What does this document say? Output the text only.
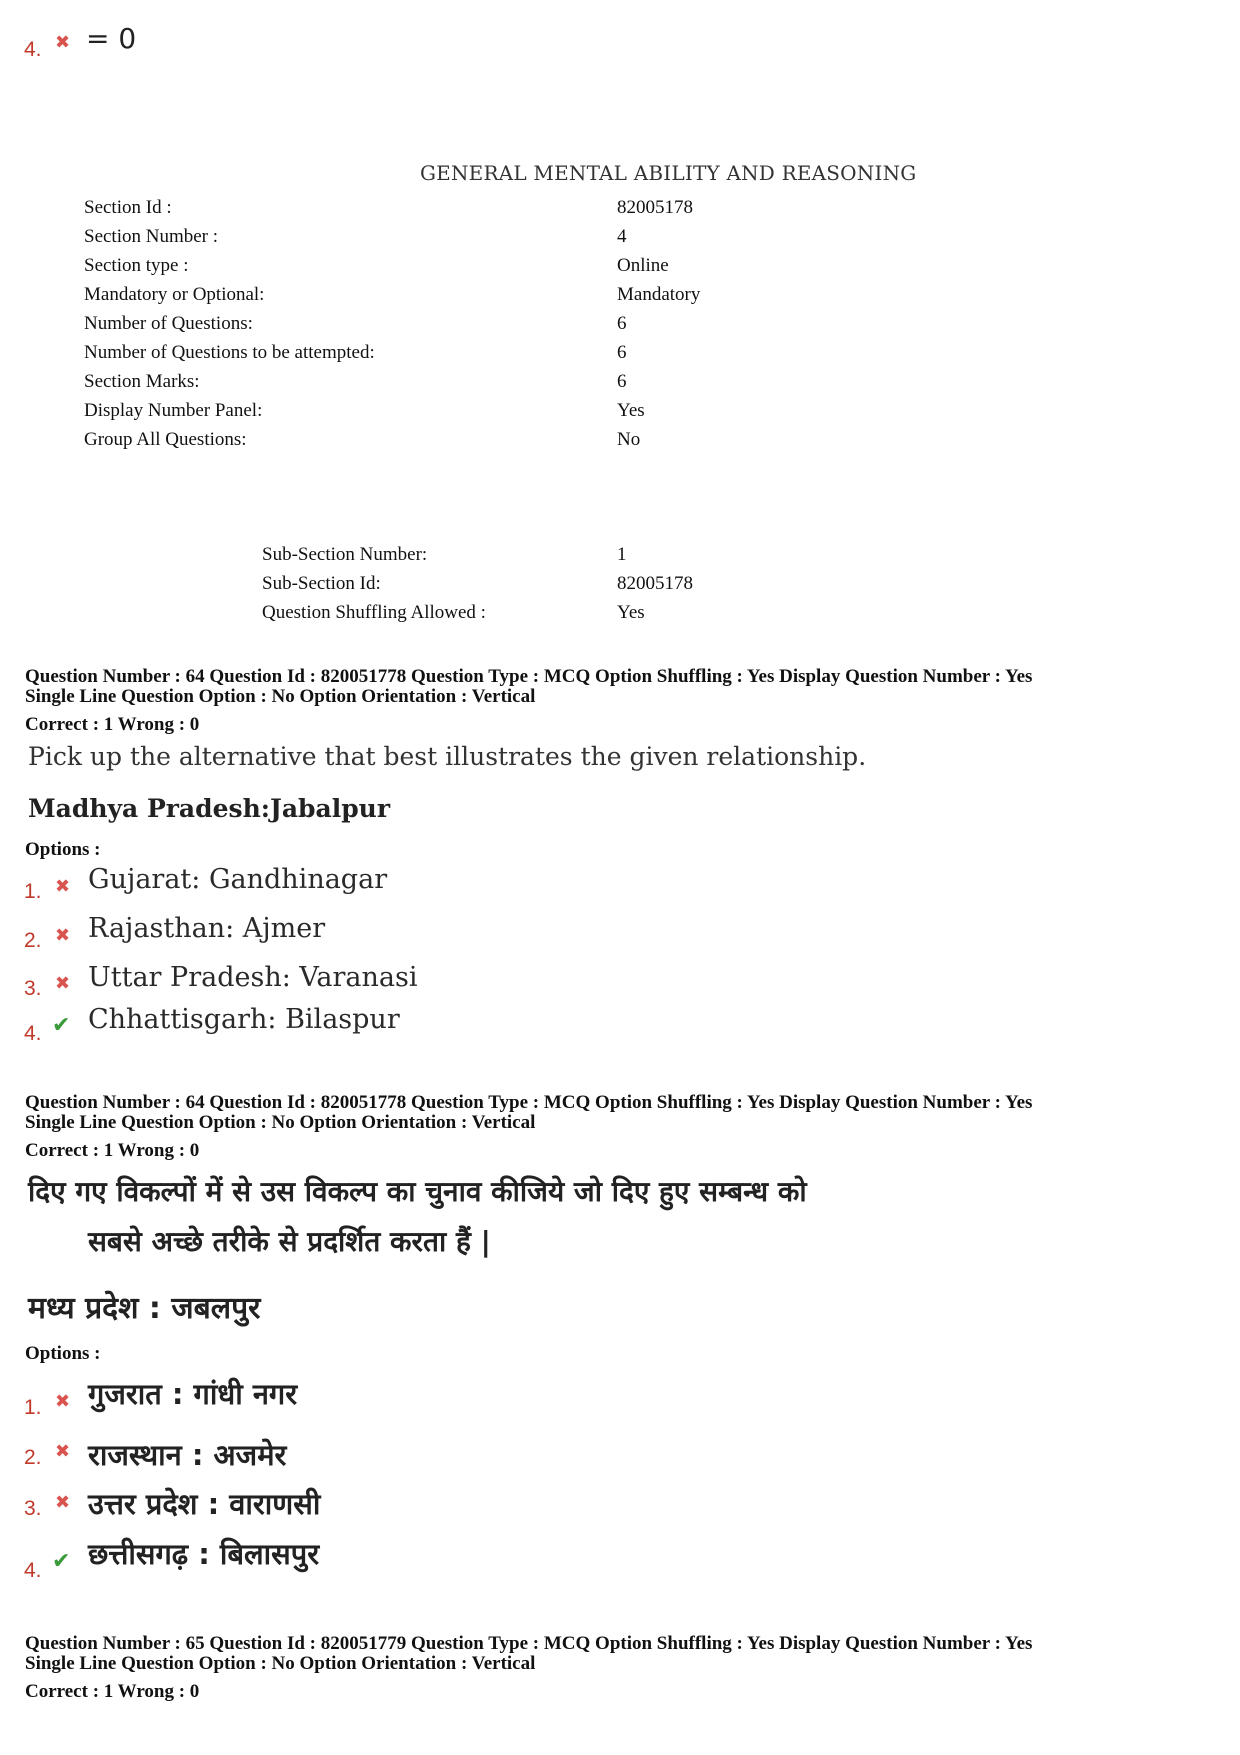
4. ✖ = 0
GENERAL MENTAL ABILITY AND REASONING
Section Id :	82005178
Section Number :	4
Section type :	Online
Mandatory or Optional:	Mandatory
Number of Questions:	6
Number of Questions to be attempted:	6
Section Marks:	6
Display Number Panel:	Yes
Group All Questions:	No
Sub-Section Number:	1
Sub-Section Id:	82005178
Question Shuffling Allowed :	Yes
Question Number : 64 Question Id : 820051778 Question Type : MCQ Option Shuffling : Yes Display Question Number : Yes
Single Line Question Option : No Option Orientation : Vertical
Correct : 1 Wrong : 0
Pick up the alternative that best illustrates the given relationship.
Madhya Pradesh:Jabalpur
Options :
1. ✖ Gujarat: Gandhinagar
2. ✖ Rajasthan: Ajmer
3. ✖ Uttar Pradesh: Varanasi
4. ✔ Chhattisgarh: Bilaspur
Question Number : 64 Question Id : 820051778 Question Type : MCQ Option Shuffling : Yes Display Question Number : Yes
Single Line Question Option : No Option Orientation : Vertical
Correct : 1 Wrong : 0
दिए गए विकल्पों में से उस विकल्प का चुनाव कीजिये जो दिए हुए सम्बन्ध को
सबसे अच्छे तरीके से प्रदर्शित करता हैं |
मध्य प्रदेश : जबलपुर
Options :
1. ✖ गुजरात : गांधी नगर
2. ✖ राजस्थान : अजमेर
3. ✖ उत्तर प्रदेश : वाराणसी
4. ✔ छत्तीसगढ़ : बिलासपुर
Question Number : 65 Question Id : 820051779 Question Type : MCQ Option Shuffling : Yes Display Question Number : Yes
Single Line Question Option : No Option Orientation : Vertical
Correct : 1 Wrong : 0
